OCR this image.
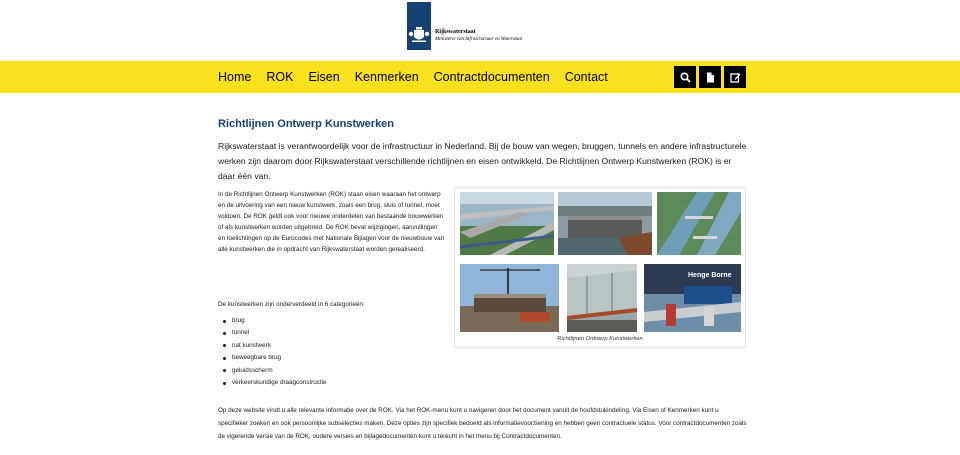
Rijkswaterstaat
Ministerie van Infrastructuur en Waterstaat
Home ROK Eisen Kenmerken Contractdocumenten Contact
Richtlijnen Ontwerp Kunstwerken

Rijkswaterstaat is verantwoordelijk voor de infrastructuur in Nederland. Bij de bouw van wegen, bruggen, tunnels en andere infrastructurele werken zijn daarom door Rijkswaterstaat verschillende richtlijnen en eisen ontwikkeld. De Richtlijnen Ontwerp Kunstwerken (ROK) is er daar één van.

In de Richtlijnen Ontwerp Kunstwerken (ROK) staan eisen waaraan het ontwerp en de uitvoering van een nieuw kunstwerk, zoals een brug, sluis of tunnel, moet voldoen. De ROK geldt ook voor nieuwe onderdelen van bestaande bouwwerken of als kunstwerken worden uitgebreid. De ROK bevat wijzigingen, aanvullingen en toelichtingen op de Eurocodes met Nationale Bijlagen voor de nieuwbouw van alle kunstwerken die in opdracht van Rijkswaterstaat worden gerealiseerd.

De kunstwerken zijn onderverdeeld in 6 categorieën:

brug
tunnel
nat kunstwerk
beweegbare brug
geluidsscherm
verkeerskundige draagconstructie

Op deze website vindt u alle relevante informatie over de ROK. Via het ROK-menu kunt u navigeren door het document vanuit de hoofdstukindeling. Via Eisen of Kenmerken kunt u specifieker zoeken en ook persoonlijke subselecties maken. Deze opties zijn specifiek bedoeld als informatievoorziening en hebben geen contractuele status. Voor contractdocumenten zoals de vigerende versie van de ROK, oudere versies en bijlagedocumenten kunt u terecht in het menu bij Contractdocumenten.

Henge Borne
Richtlijnen Ontwerp Kunstwerken
